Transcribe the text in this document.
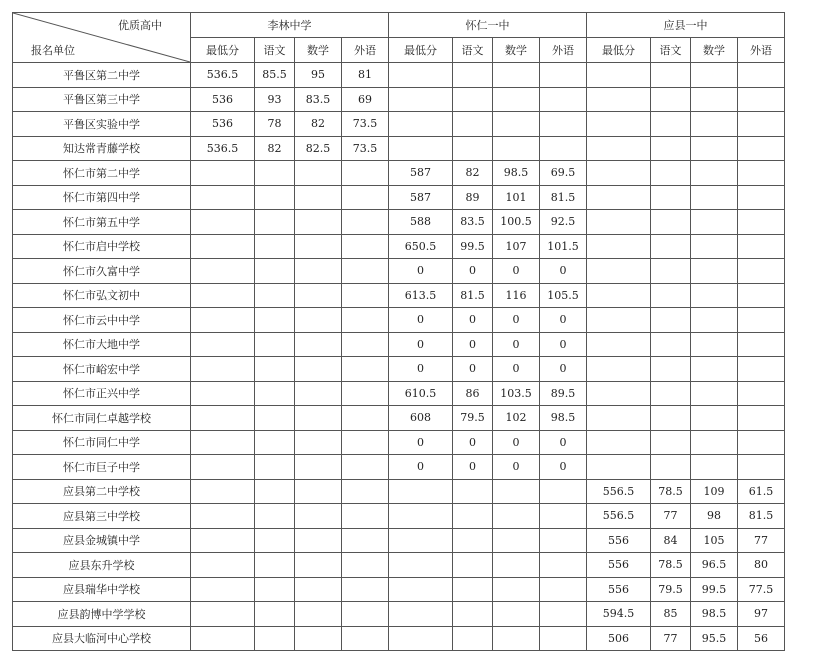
优质高中
报名单位	李林中学				怀仁一中				应县一中			
	最低分	语文	数学	外语	最低分	语文	数学	外语	最低分	语文	数学	外语
平鲁区第二中学	536.5	85.5	95	81								
平鲁区第三中学	536	93	83.5	69								
平鲁区实验中学	536	78	82	73.5								
知达常青藤学校	536.5	82	82.5	73.5								
怀仁市第二中学					587	82	98.5	69.5				
怀仁市第四中学					587	89	101	81.5				
怀仁市第五中学					588	83.5	100.5	92.5				
怀仁市启中学校					650.5	99.5	107	101.5				
怀仁市久富中学					0	0	0	0				
怀仁市弘文初中					613.5	81.5	116	105.5				
怀仁市云中中学					0	0	0	0				
怀仁市大地中学					0	0	0	0				
怀仁市峪宏中学					0	0	0	0				
怀仁市正兴中学					610.5	86	103.5	89.5				
怀仁市同仁卓越学校					608	79.5	102	98.5				
怀仁市同仁中学					0	0	0	0				
怀仁市巨子中学					0	0	0	0				
应县第二中学校									556.5	78.5	109	61.5
应县第三中学校									556.5	77	98	81.5
应县金城镇中学									556	84	105	77
应县东升学校									556	78.5	96.5	80
应县瑞华中学校									556	79.5	99.5	77.5
应县韵博中学学校									594.5	85	98.5	97
应县大临河中心学校									506	77	95.5	56
